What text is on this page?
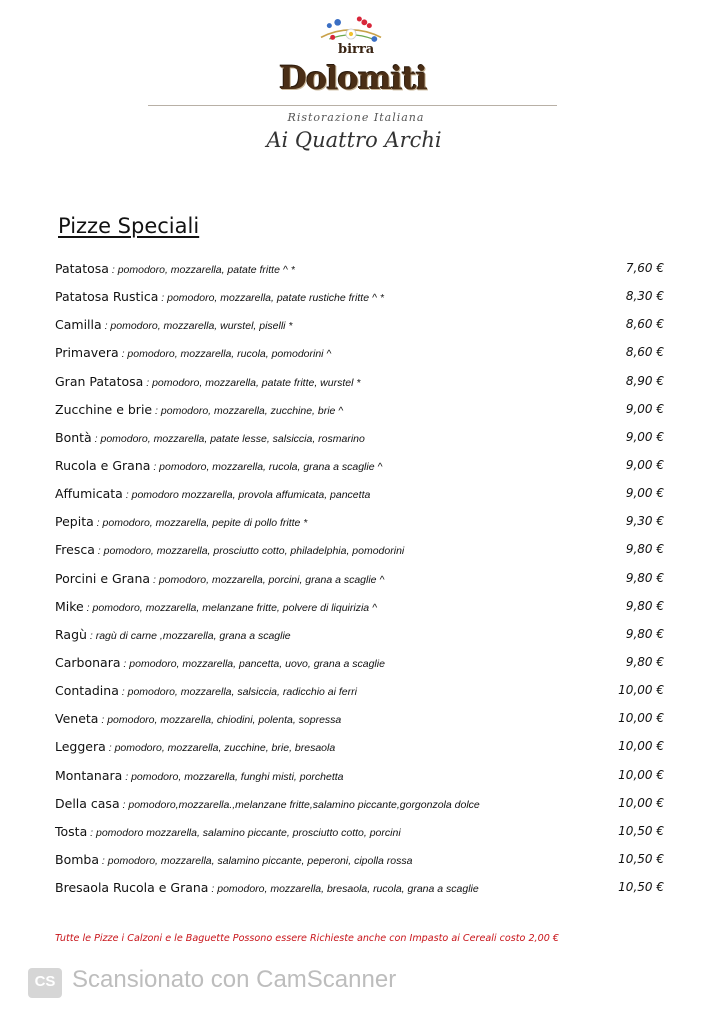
birra
Dolomiti
Ristorazione Italiana
Ai Quattro Archi
Pizze Speciali
Patatosa : pomodoro, mozzarella, patate fritte ^ *	7,60 €
Patatosa Rustica : pomodoro, mozzarella, patate rustiche fritte ^ *	8,30 €
Camilla : pomodoro, mozzarella, wurstel, piselli *	8,60 €
Primavera : pomodoro, mozzarella, rucola, pomodorini ^	8,60 €
Gran Patatosa : pomodoro, mozzarella, patate fritte, wurstel *	8,90 €
Zucchine e brie : pomodoro, mozzarella, zucchine, brie ^	9,00 €
Bontà : pomodoro, mozzarella, patate lesse, salsiccia, rosmarino	9,00 €
Rucola e Grana : pomodoro, mozzarella, rucola, grana a scaglie ^	9,00 €
Affumicata : pomodoro mozzarella, provola affumicata, pancetta	9,00 €
Pepita : pomodoro, mozzarella, pepite di pollo fritte *	9,30 €
Fresca : pomodoro, mozzarella, prosciutto cotto, philadelphia, pomodorini	9,80 €
Porcini e Grana : pomodoro, mozzarella, porcini, grana a scaglie ^	9,80 €
Mike : pomodoro, mozzarella, melanzane fritte, polvere di liquirizia ^	9,80 €
Ragù : ragù di carne ,mozzarella, grana a scaglie	9,80 €
Carbonara : pomodoro, mozzarella, pancetta, uovo, grana a scaglie	9,80 €
Contadina : pomodoro, mozzarella, salsiccia, radicchio ai ferri	10,00 €
Veneta : pomodoro, mozzarella, chiodini, polenta, sopressa	10,00 €
Leggera : pomodoro, mozzarella, zucchine, brie, bresaola	10,00 €
Montanara : pomodoro, mozzarella, funghi misti, porchetta	10,00 €
Della casa : pomodoro,mozzarella.,melanzane fritte,salamino piccante,gorgonzola dolce	10,00 €
Tosta : pomodoro mozzarella, salamino piccante, prosciutto cotto, porcini	10,50 €
Bomba : pomodoro, mozzarella, salamino piccante, peperoni, cipolla rossa	10,50 €
Bresaola Rucola e Grana : pomodoro, mozzarella, bresaola, rucola, grana a scaglie	10,50 €
Tutte le Pizze i Calzoni e le Baguette Possono essere Richieste anche con Impasto ai Cereali costo 2,00 €
CS Scansionato con CamScanner
